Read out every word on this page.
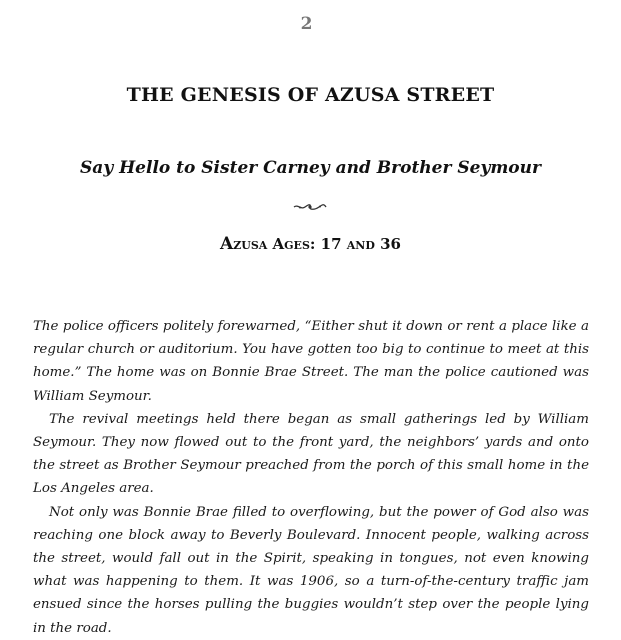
2
THE GENESIS OF AZUSA STREET
Say Hello to Sister Carney and Brother Seymour
Azusa Ages: 17 and 36

The police officers politely forewarned, “Either shut it down or rent a place like a regular church or auditorium. You have gotten too big to continue to meet at this home.” The home was on Bonnie Brae Street. The man the police cautioned was William Seymour.

The revival meetings held there began as small gatherings led by William Seymour. They now flowed out to the front yard, the neighbors’ yards and onto the street as Brother Seymour preached from the porch of this small home in the Los Angeles area.

Not only was Bonnie Brae filled to overflowing, but the power of God also was reaching one block away to Beverly Boulevard. Innocent people, walking across the street, would fall out in the Spirit, speaking in tongues, not even knowing what was happening to them. It was 1906, so a turn-of-the-century traffic jam ensued since the horses pulling the buggies wouldn’t step over the people lying in the road.
